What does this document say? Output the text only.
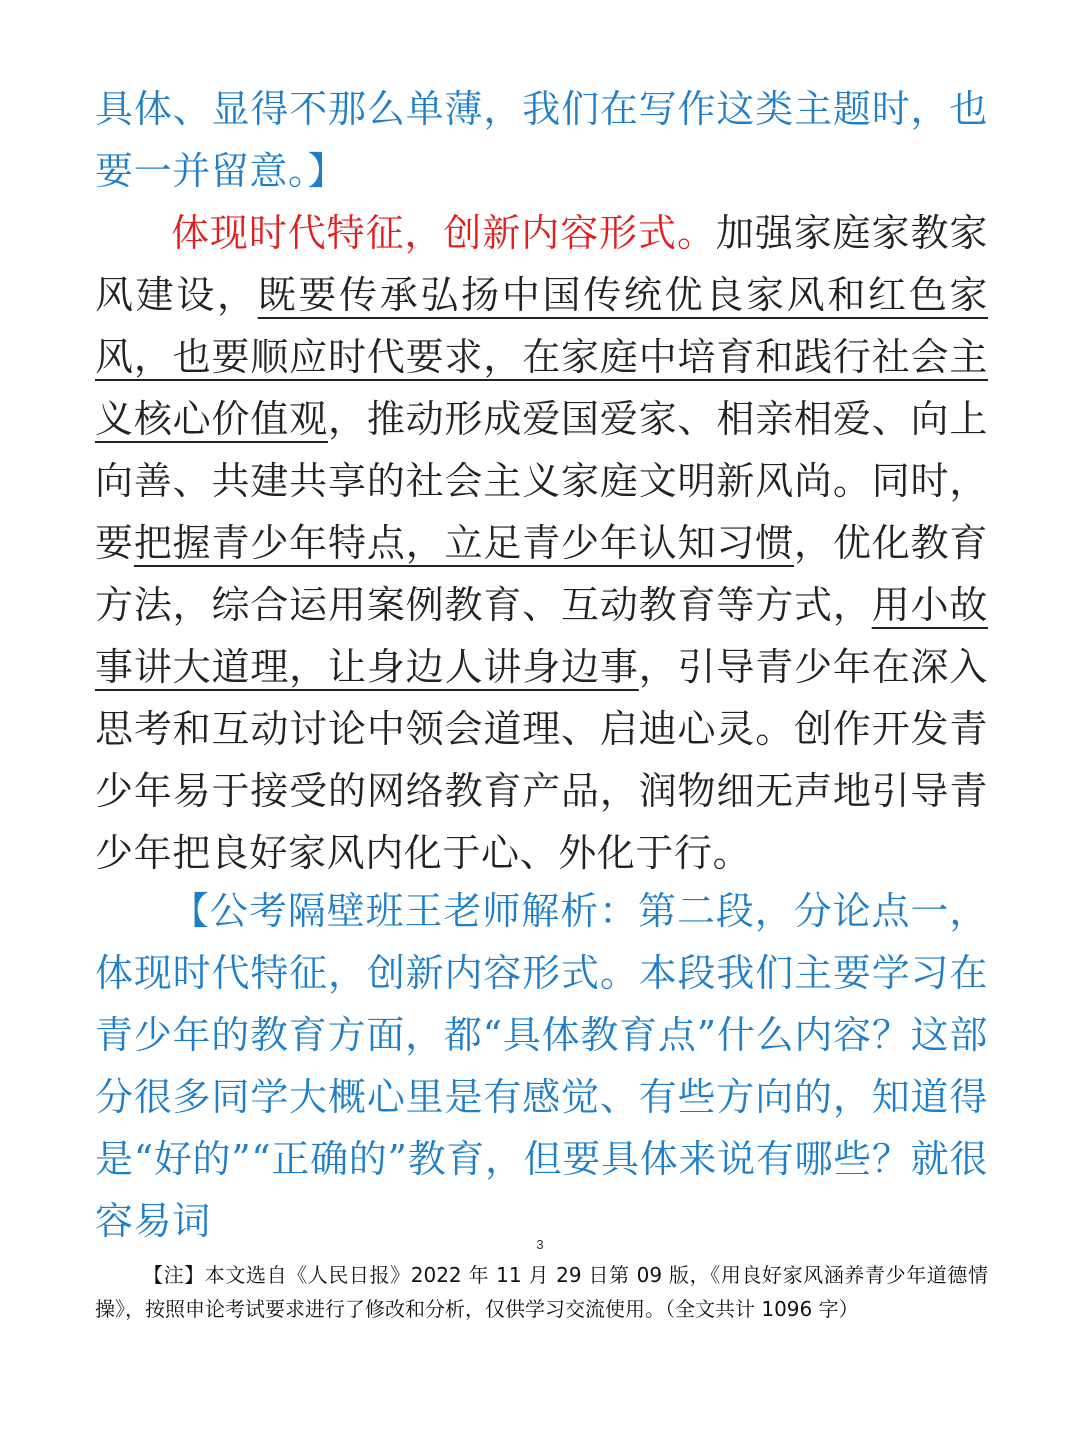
具体、显得不那么单薄，我们在写作这类主题时，也要一并留意。】

体现时代特征，创新内容形式。加强家庭家教家风建设，既要传承弘扬中国传统优良家风和红色家风，也要顺应时代要求，在家庭中培育和践行社会主义核心价值观，推动形成爱国爱家、相亲相爱、向上向善、共建共享的社会主义家庭文明新风尚。同时，要把握青少年特点，立足青少年认知习惯，优化教育方法，综合运用案例教育、互动教育等方式，用小故事讲大道理，让身边人讲身边事，引导青少年在深入思考和互动讨论中领会道理、启迪心灵。创作开发青少年易于接受的网络教育产品，润物细无声地引导青少年把良好家风内化于心、外化于行。

【公考隔壁班王老师解析：第二段，分论点一，体现时代特征，创新内容形式。本段我们主要学习在青少年的教育方面，都“具体教育点”什么内容？这部分很多同学大概心里是有感觉、有些方向的，知道得是“好的”“正确的”教育，但要具体来说有哪些？就很容易词

3

【注】本文选自《人民日报》2022 年 11 月 29 日第 09 版，《用良好家风涵养青少年道德情操》，按照申论考试要求进行了修改和分析，仅供学习交流使用。（全文共计 1096 字）
